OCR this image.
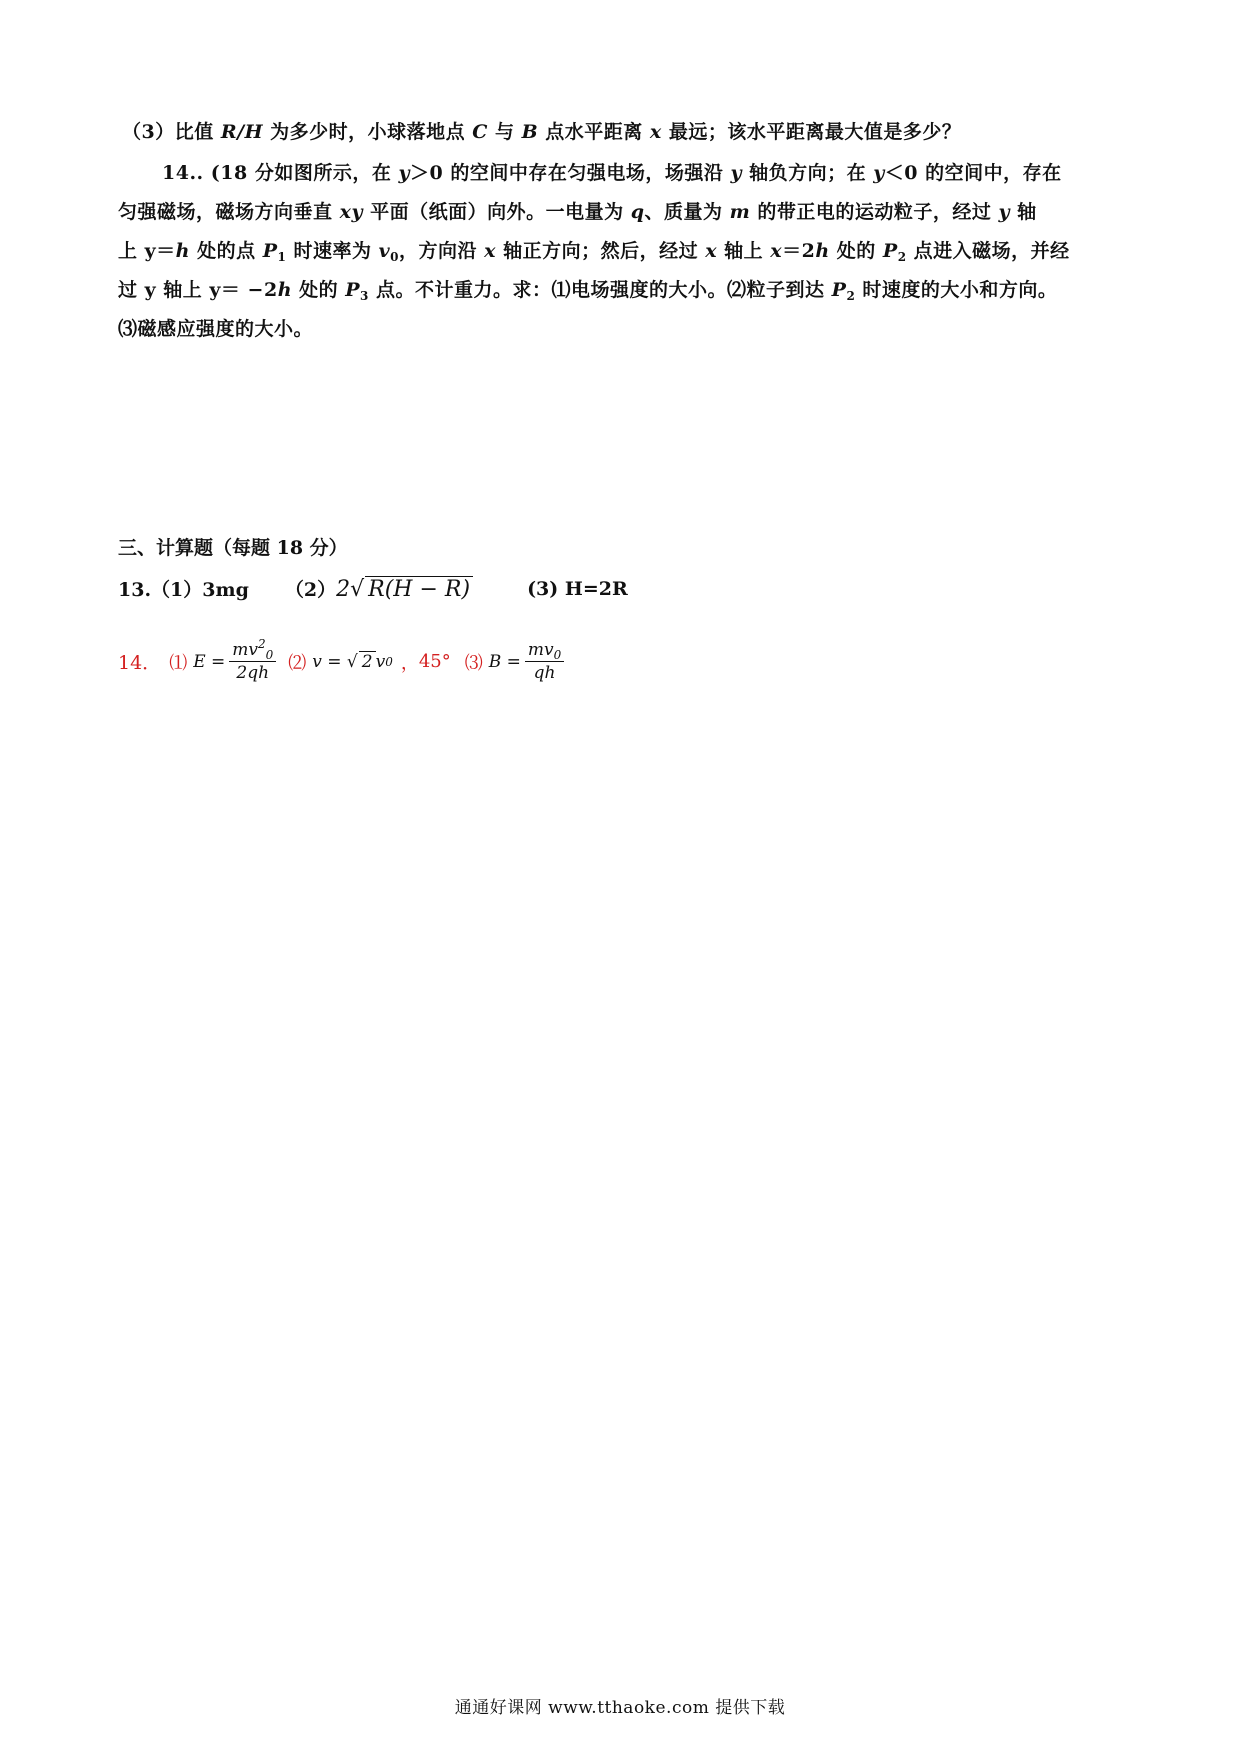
（3）比值 R/H 为多少时，小球落地点 C 与 B 点水平距离 x 最远；该水平距离最大值是多少？
14.. (18 分如图所示，在 y＞0 的空间中存在匀强电场，场强沿 y 轴负方向；在 y＜0 的空间中，存在
匀强磁场，磁场方向垂直 xy 平面（纸面）向外。一电量为 q、质量为 m 的带正电的运动粒子，经过 y 轴
上 y＝h 处的点 $P_1$ 时速率为 $v_0$，方向沿 x 轴正方向；然后，经过 x 轴上 x＝2h 处的 $P_2$ 点进入磁场，并经
过 y 轴上 y＝ −2h 处的 $P_3$ 点。不计重力。求：⑴电场强度的大小。⑵粒子到达 $P_2$ 时速度的大小和方向。
⑶磁感应强度的大小。
三、计算题（每题 18 分）
13.（1）3mg （2） 2√ R(H − R)	(3) H=2R
14． ⑴ $E = \frac{mv^2_0}{2qh}$ ⑵ v = √ 2 v 0 ， 45° ⑶ $B = \frac{mv_0}{qh}$
通通好课网 www.tthaoke.com 提供下载
